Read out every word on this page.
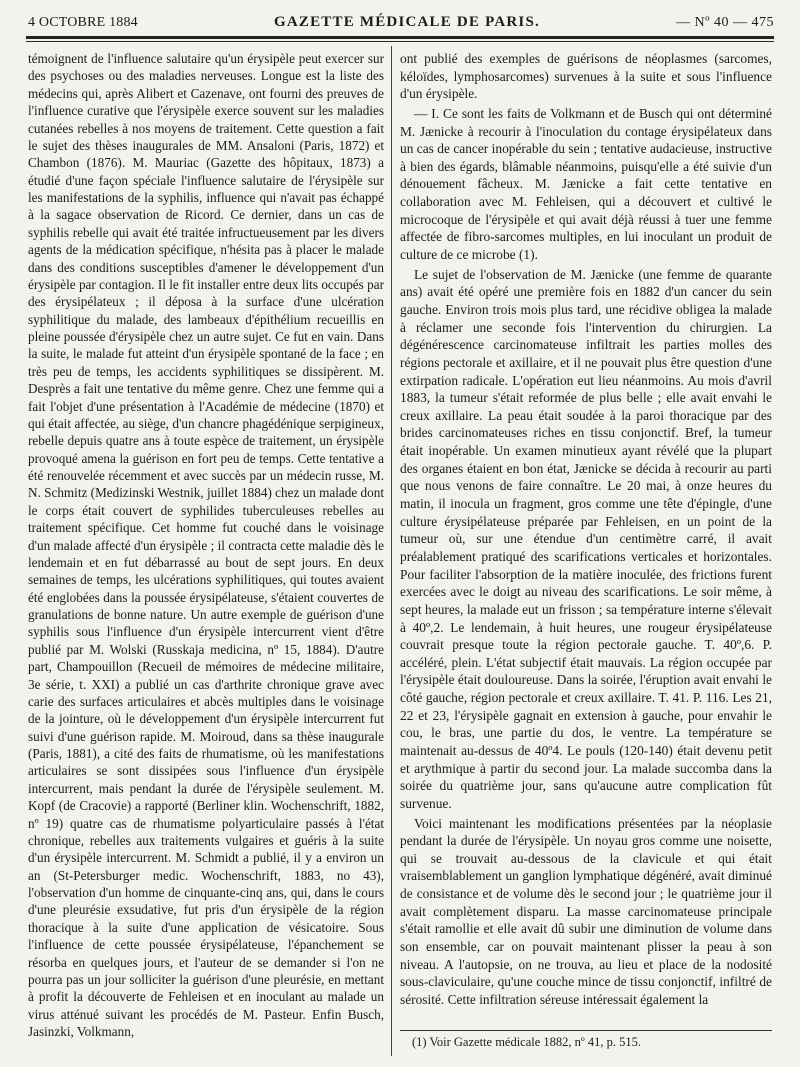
4 OCTOBRE 1884	GAZETTE MÉDICALE DE PARIS.	— Nº 40 — 475

témoignent de l'influence salutaire qu'un érysipèle peut exercer sur des psychoses ou des maladies nerveuses. Longue est la liste des médecins qui, après Alibert et Cazenave, ont fourni des preuves de l'influence curative que l'érysipèle exerce souvent sur les maladies cutanées rebelles à nos moyens de traitement. Cette question a fait le sujet des thèses inaugurales de MM. Ansaloni (Paris, 1872) et Chambon (1876). M. Mauriac (Gazette des hôpitaux, 1873) a étudié d'une façon spéciale l'influence salutaire de l'érysipèle sur les manifestations de la syphilis, influence qui n'avait pas échappé à la sagace observation de Ricord. Ce dernier, dans un cas de syphilis rebelle qui avait été traitée infructueusement par les divers agents de la médication spécifique, n'hésita pas à placer le malade dans des conditions susceptibles d'amener le développement d'un érysipèle par contagion. Il le fit installer entre deux lits occupés par des érysipélateux ; il déposa à la surface d'une ulcération syphilitique du malade, des lambeaux d'épithélium recueillis en pleine poussée d'érysipèle chez un autre sujet. Ce fut en vain. Dans la suite, le malade fut atteint d'un érysipèle spontané de la face ; en très peu de temps, les accidents syphilitiques se dissipèrent. M. Desprès a fait une tentative du même genre. Chez une femme qui a fait l'objet d'une présentation à l'Académie de médecine (1870) et qui était affectée, au siège, d'un chancre phagédénique serpigineux, rebelle depuis quatre ans à toute espèce de traitement, un érysipèle provoqué amena la guérison en fort peu de temps. Cette tentative a été renouvelée récemment et avec succès par un médecin russe, M. N. Schmitz (Medizinski Westnik, juillet 1884) chez un malade dont le corps était couvert de syphilides tuberculeuses rebelles au traitement spécifique. Cet homme fut couché dans le voisinage d'un malade affecté d'un érysipèle ; il contracta cette maladie dès le lendemain et en fut débarrassé au bout de sept jours. En deux semaines de temps, les ulcérations syphilitiques, qui toutes avaient été englobées dans la poussée érysipélateuse, s'étaient couvertes de granulations de bonne nature. Un autre exemple de guérison d'une syphilis sous l'influence d'un érysipèle intercurrent vient d'être publié par M. Wolski (Russkaja medicina, nº 15, 1884). D'autre part, Champouillon (Recueil de mémoires de médecine militaire, 3e série, t. XXI) a publié un cas d'arthrite chronique grave avec carie des surfaces articulaires et abcès multiples dans le voisinage de la jointure, où le développement d'un érysipèle intercurrent fut suivi d'une guérison rapide. M. Moiroud, dans sa thèse inaugurale (Paris, 1881), a cité des faits de rhumatisme, où les manifestations articulaires se sont dissipées sous l'influence d'un érysipèle intercurrent, mais pendant la durée de l'érysipèle seulement. M. Kopf (de Cracovie) a rapporté (Berliner klin. Wochenschrift, 1882, nº 19) quatre cas de rhumatisme polyarticulaire passés à l'état chronique, rebelles aux traitements vulgaires et guéris à la suite d'un érysipèle intercurrent. M. Schmidt a publié, il y a environ un an (St-Petersburger medic. Wochenschrift, 1883, no 43), l'observation d'un homme de cinquante-cinq ans, qui, dans le cours d'une pleurésie exsudative, fut pris d'un érysipèle de la région thoracique à la suite d'une application de vésicatoire. Sous l'influence de cette poussée érysipélateuse, l'épanchement se résorba en quelques jours, et l'auteur de se demander si l'on ne pourra pas un jour solliciter la guérison d'une pleurésie, en mettant à profit la découverte de Fehleisen et en inoculant au malade un virus atténué suivant les procédés de M. Pasteur. Enfin Busch, Jasinzki, Volkmann,

ont publié des exemples de guérisons de néoplasmes (sarcomes, kéloïdes, lymphosarcomes) survenues à la suite et sous l'influence d'un érysipèle.

— I. Ce sont les faits de Volkmann et de Busch qui ont déterminé M. Jænicke à recourir à l'inoculation du contage érysipélateux dans un cas de cancer inopérable du sein ; tentative audacieuse, instructive à bien des égards, blâmable néanmoins, puisqu'elle a été suivie d'un dénouement fâcheux. M. Jænicke a fait cette tentative en collaboration avec M. Fehleisen, qui a découvert et cultivé le microcoque de l'érysipèle et qui avait déjà réussi à tuer une femme affectée de fibro-sarcomes multiples, en lui inoculant un produit de culture de ce microbe (1).

Le sujet de l'observation de M. Jænicke (une femme de quarante ans) avait été opéré une première fois en 1882 d'un cancer du sein gauche. Environ trois mois plus tard, une récidive obligea la malade à réclamer une seconde fois l'intervention du chirurgien. La dégénérescence carcinomateuse infiltrait les parties molles des régions pectorale et axillaire, et il ne pouvait plus être question d'une extirpation radicale. L'opération eut lieu néanmoins. Au mois d'avril 1883, la tumeur s'était reformée de plus belle ; elle avait envahi le creux axillaire. La peau était soudée à la paroi thoracique par des brides carcinomateuses riches en tissu conjonctif. Bref, la tumeur était inopérable. Un examen minutieux ayant révélé que la plupart des organes étaient en bon état, Jænicke se décida à recourir au parti que nous venons de faire connaître. Le 20 mai, à onze heures du matin, il inocula un fragment, gros comme une tête d'épingle, d'une culture érysipélateuse préparée par Fehleisen, en un point de la tumeur où, sur une étendue d'un centimètre carré, il avait préalablement pratiqué des scarifications verticales et horizontales. Pour faciliter l'absorption de la matière inoculée, des frictions furent exercées avec le doigt au niveau des scarifications. Le soir même, à sept heures, la malade eut un frisson ; sa température interne s'élevait à 40º,2. Le lendemain, à huit heures, une rougeur érysipélateuse couvrait presque toute la région pectorale gauche. T. 40º,6. P. accéléré, plein. L'état subjectif était mauvais. La région occupée par l'érysipèle était douloureuse. Dans la soirée, l'éruption avait envahi le côté gauche, région pectorale et creux axillaire. T. 41. P. 116. Les 21, 22 et 23, l'érysipèle gagnait en extension à gauche, pour envahir le cou, le bras, une partie du dos, le ventre. La température se maintenait au-dessus de 40º4. Le pouls (120-140) était devenu petit et arythmique à partir du second jour. La malade succomba dans la soirée du quatrième jour, sans qu'aucune autre complication fût survenue.

Voici maintenant les modifications présentées par la néoplasie pendant la durée de l'érysipèle. Un noyau gros comme une noisette, qui se trouvait au-dessous de la clavicule et qui était vraisemblablement un ganglion lymphatique dégénéré, avait diminué de consistance et de volume dès le second jour ; le quatrième jour il avait complètement disparu. La masse carcinomateuse principale s'était ramollie et elle avait dû subir une diminution de volume dans son ensemble, car on pouvait maintenant plisser la peau à son niveau. A l'autopsie, on ne trouva, au lieu et place de la nodosité sous-claviculaire, qu'une couche mince de tissu conjonctif, infiltré de sérosité. Cette infiltration séreuse intéressait également la

(1) Voir Gazette médicale 1882, nº 41, p. 515.
